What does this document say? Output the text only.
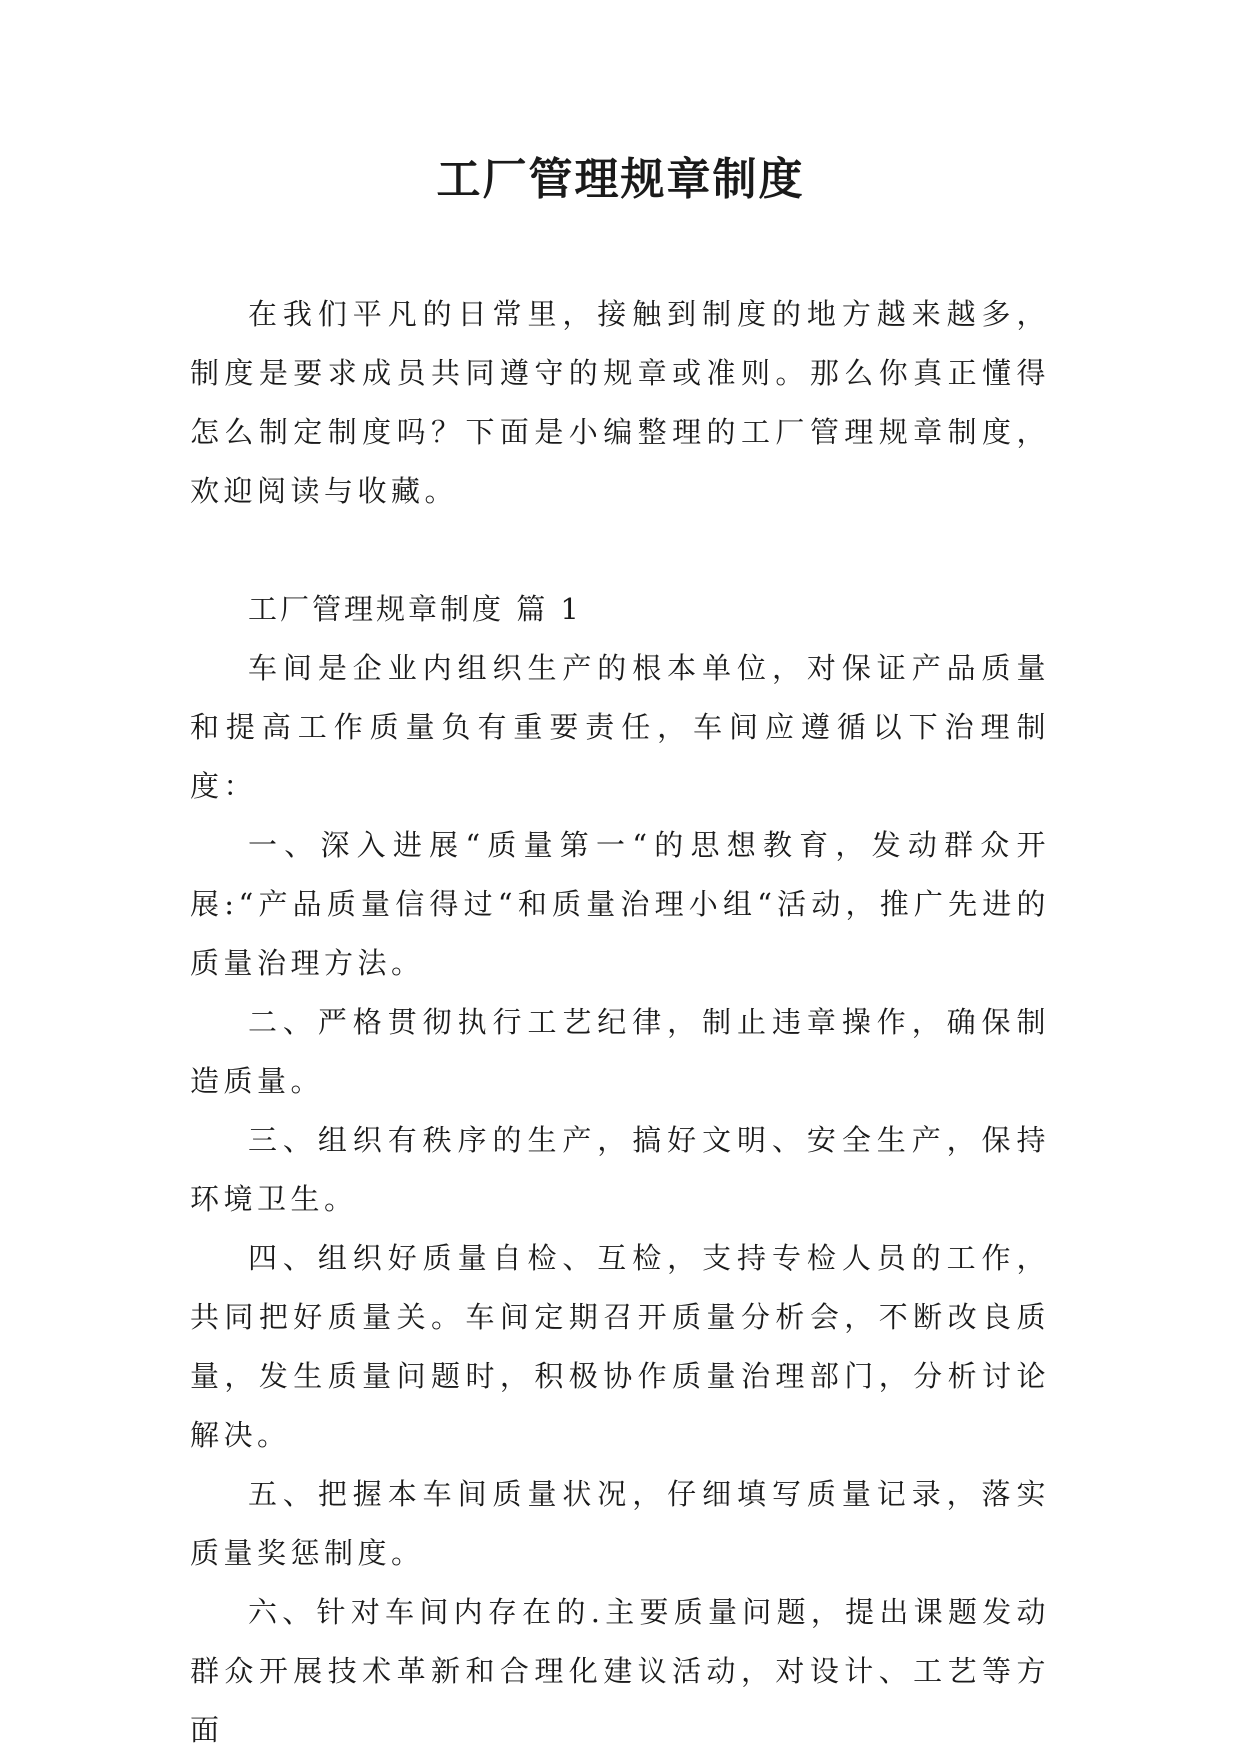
工厂管理规章制度

在我们平凡的日常里，接触到制度的地方越来越多，制度是要求成员共同遵守的规章或准则。那么你真正懂得怎么制定制度吗？下面是小编整理的工厂管理规章制度，欢迎阅读与收藏。

工厂管理规章制度 篇 1

车间是企业内组织生产的根本单位，对保证产品质量和提高工作质量负有重要责任，车间应遵循以下治理制度：

一、深入进展“质量第一“的思想教育，发动群众开展:“产品质量信得过“和质量治理小组“活动，推广先进的质量治理方法。

二、严格贯彻执行工艺纪律，制止违章操作，确保制造质量。

三、组织有秩序的生产，搞好文明、安全生产，保持环境卫生。

四、组织好质量自检、互检，支持专检人员的工作，共同把好质量关。车间定期召开质量分析会，不断改良质量，发生质量问题时，积极协作质量治理部门，分析讨论解决。

五、把握本车间质量状况，仔细填写质量记录，落实质量奖惩制度。

六、针对车间内存在的.主要质量问题，提出课题发动群众开展技术革新和合理化建议活动，对设计、工艺等方面
